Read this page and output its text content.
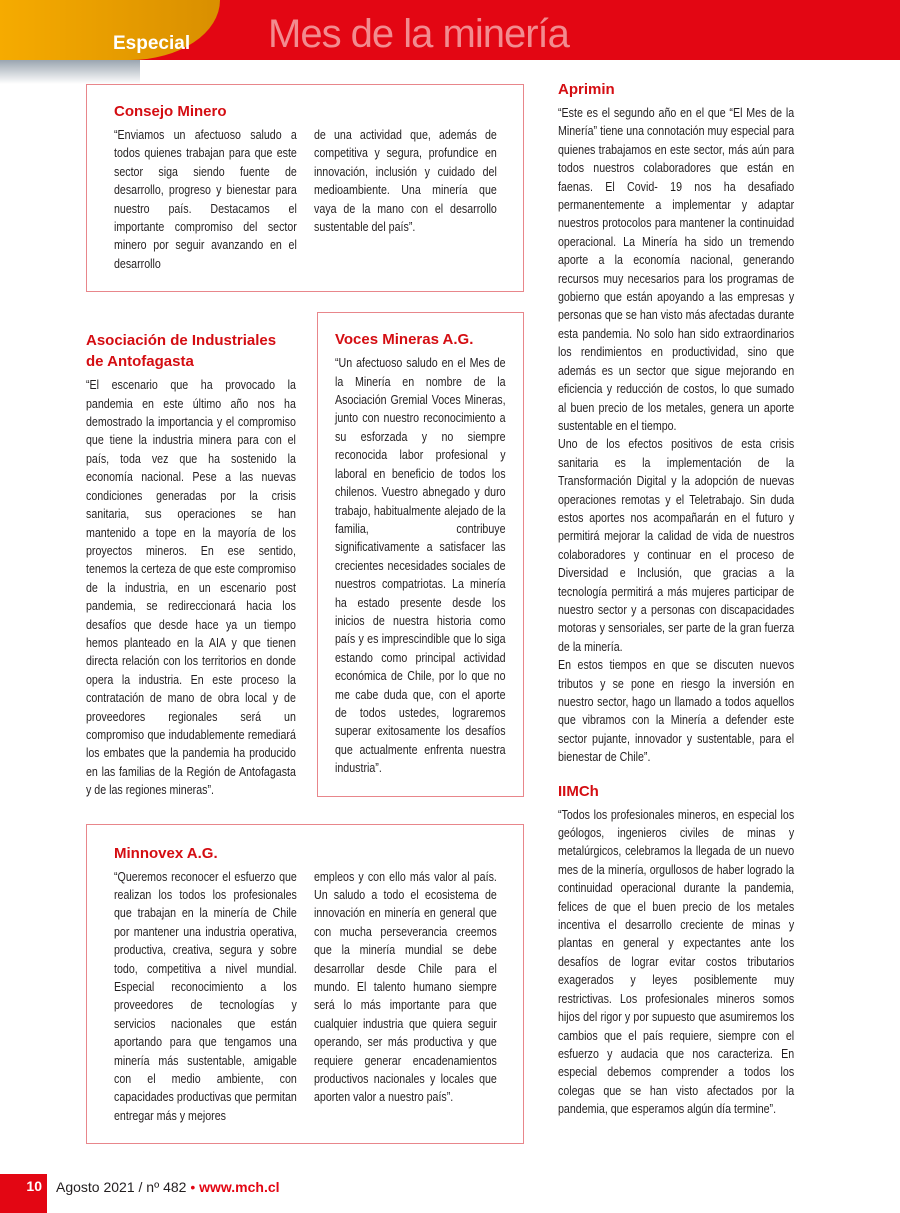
Especial Mes de la minería
Consejo Minero
“Enviamos un afectuoso saludo a todos quienes trabajan para que este sector siga siendo fuente de desarrollo, progreso y bienestar para nuestro país. Destacamos el importante compromiso del sector minero por seguir avanzando en el desarrollo
de una actividad que, además de competitiva y segura, profundice en innovación, inclusión y cuidado del medioambiente. Una minería que vaya de la mano con el desarrollo sustentable del país”.
Asociación de Industriales de Antofagasta
“El escenario que ha provocado la pandemia en este último año nos ha demostrado la importancia y el compromiso que tiene la industria minera para con el país, toda vez que ha sostenido la economía nacional. Pese a las nuevas condiciones generadas por la crisis sanitaria, sus operaciones se han mantenido a tope en la mayoría de los proyectos mineros. En ese sentido, tenemos la certeza de que este compromiso de la industria, en un escenario post pandemia, se redireccionará hacia los desafíos que desde hace ya un tiempo hemos planteado en la AIA y que tienen directa relación con los territorios en donde opera la industria. En este proceso la contratación de mano de obra local y de proveedores regionales será un compromiso que indudablemente remediará los embates que la pandemia ha producido en las familias de la Región de Antofagasta y de las regiones mineras”.
Voces Mineras A.G.
“Un afectuoso saludo en el Mes de la Minería en nombre de la Asociación Gremial Voces Mineras, junto con nuestro reconocimiento a su esforzada y no siempre reconocida labor profesional y laboral en beneficio de todos los chilenos. Vuestro abnegado y duro trabajo, habitualmente alejado de la familia, contribuye significativamente a satisfacer las crecientes necesidades sociales de nuestros compatriotas. La minería ha estado presente desde los inicios de nuestra historia como país y es imprescindible que lo siga estando como principal actividad económica de Chile, por lo que no me cabe duda que, con el aporte de todos ustedes, lograremos superar exitosamente los desafíos que actualmente enfrenta nuestra industria”.
Minnovex A.G.
“Queremos reconocer el esfuerzo que realizan los todos los profesionales que trabajan en la minería de Chile por mantener una industria operativa, productiva, creativa, segura y sobre todo, competitiva a nivel mundial. Especial reconocimiento a los proveedores de tecnologías y servicios nacionales que están aportando para que tengamos una minería más sustentable, amigable con el medio ambiente, con capacidades productivas que permitan entregar más y mejores
empleos y con ello más valor al país. Un saludo a todo el ecosistema de innovación en minería en general que con mucha perseverancia creemos que la minería mundial se debe desarrollar desde Chile para el mundo. El talento humano siempre será lo más importante para que cualquier industria que quiera seguir operando, ser más productiva y que requiere generar encadenamientos productivos nacionales y locales que aporten valor a nuestro país”.
Aprimin

“Este es el segundo año en el que “El Mes de la Minería” tiene una connotación muy especial para quienes trabajamos en este sector, más aún para todos nuestros colaboradores que están en faenas. El Covid- 19 nos ha desafiado permanentemente a implementar y adaptar nuestros protocolos para mantener la continuidad operacional. La Minería ha sido un tremendo aporte a la economía nacional, generando recursos muy necesarios para los programas de gobierno que están apoyando a las empresas y personas que se han visto más afectadas durante esta pandemia. No solo han sido extraordinarios los rendimientos en productividad, sino que además es un sector que sigue mejorando en eficiencia y reducción de costos, lo que sumado al buen precio de los metales, genera un aporte sustentable en el tiempo.

Uno de los efectos positivos de esta crisis sanitaria es la implementación de la Transformación Digital y la adopción de nuevas operaciones remotas y el Teletrabajo. Sin duda estos aportes nos acompañarán en el futuro y permitirá mejorar la calidad de vida de nuestros colaboradores y continuar en el proceso de Diversidad e Inclusión, que gracias a la tecnología permitirá a más mujeres participar de nuestro sector y a personas con discapacidades motoras y sensoriales, ser parte de la gran fuerza de la minería.

En estos tiempos en que se discuten nuevos tributos y se pone en riesgo la inversión en nuestro sector, hago un llamado a todos aquellos que vibramos con la Minería a defender este sector pujante, innovador y sustentable, para el bienestar de Chile”.

IIMCh
“Todos los profesionales mineros, en especial los geólogos, ingenieros civiles de minas y metalúrgicos, celebramos la llegada de un nuevo mes de la minería, orgullosos de haber logrado la continuidad operacional durante la pandemia, felices de que el buen precio de los metales incentiva el desarrollo creciente de minas y plantas en general y expectantes ante los desafíos de lograr evitar costos tributarios exagerados y leyes posiblemente muy restrictivas. Los profesionales mineros somos hijos del rigor y por supuesto que asumiremos los cambios que el país requiere, siempre con el esfuerzo y audacia que nos caracteriza. En especial debemos comprender a todos los colegas que se han visto afectados por la pandemia, que esperamos algún día termine”.
10 Agosto 2021 / nº 482 • www.mch.cl
